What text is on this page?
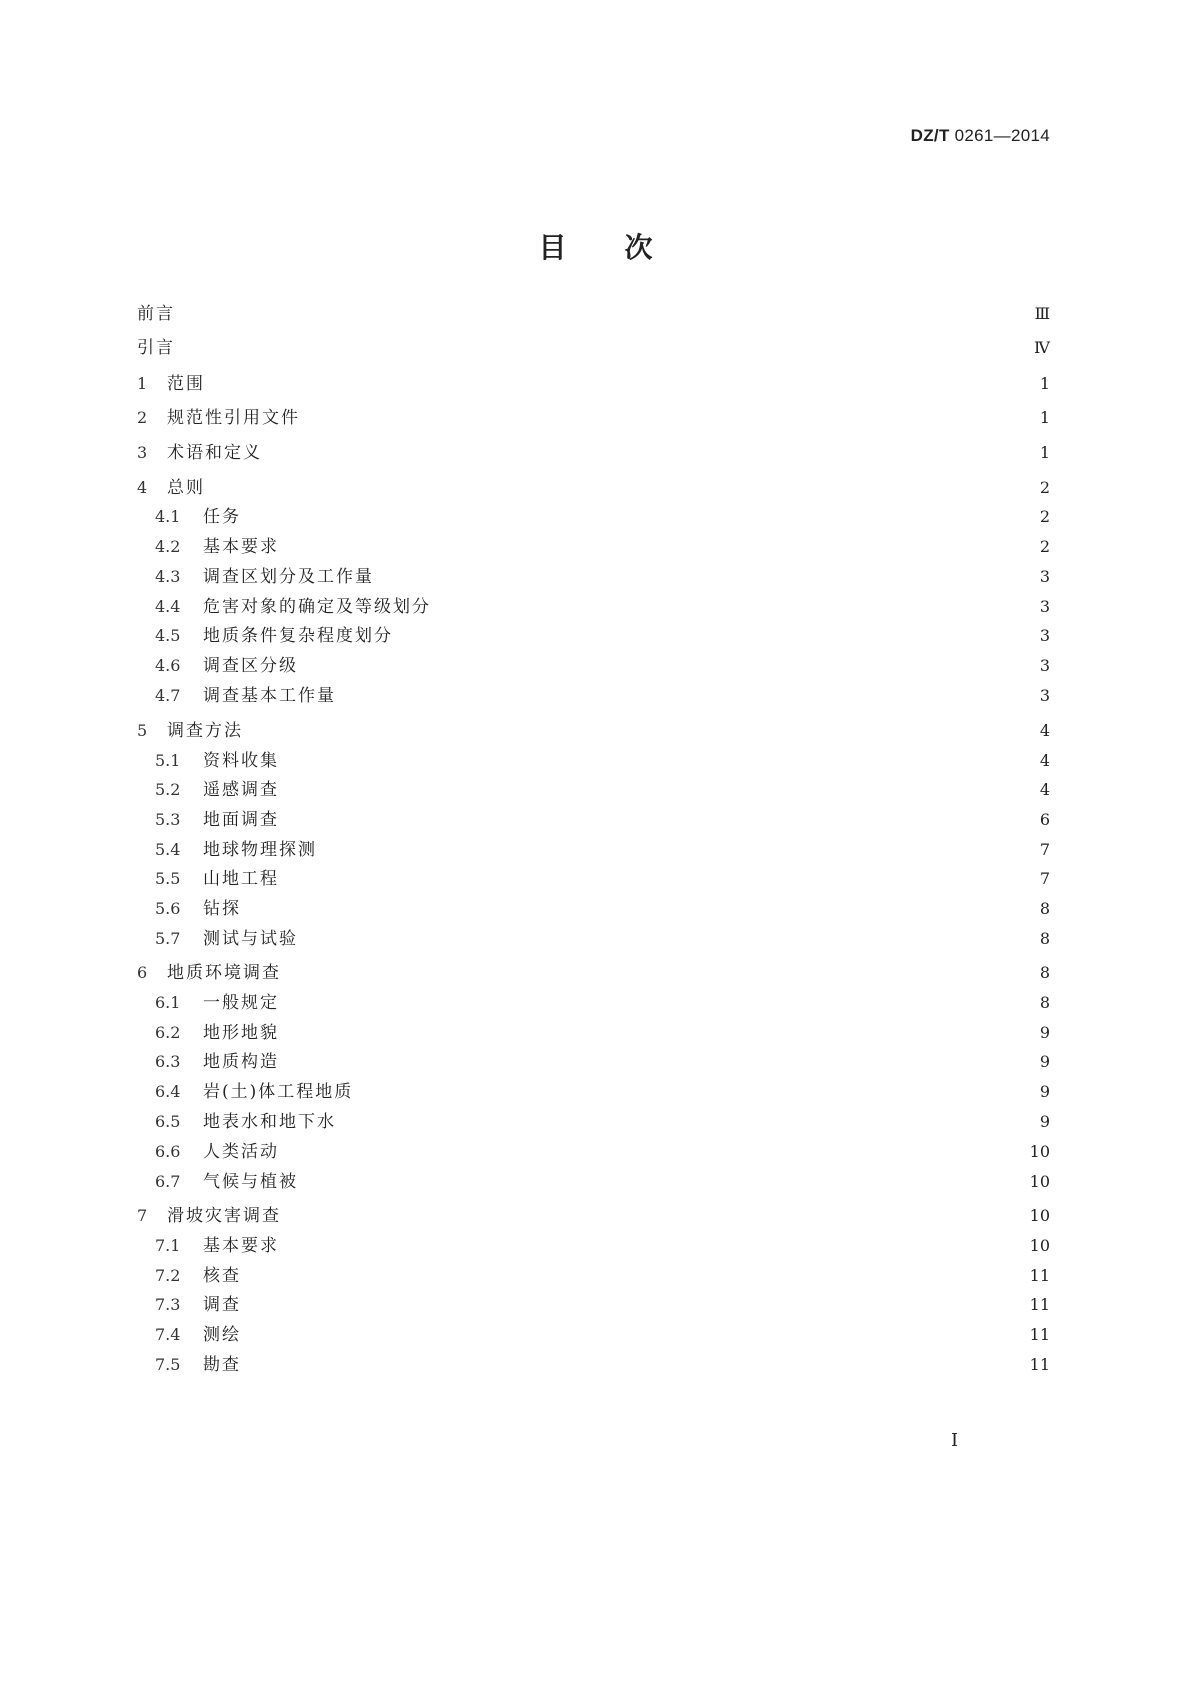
DZ/T 0261—2014
目 次
前言	Ⅲ
引言	Ⅳ
1	范围	1
2	规范性引用文件	1
3	术语和定义	1
4	总则	2
4.1	任务	2
4.2	基本要求	2
4.3	调查区划分及工作量	3
4.4	危害对象的确定及等级划分	3
4.5	地质条件复杂程度划分	3
4.6	调查区分级	3
4.7	调查基本工作量	3
5	调查方法	4
5.1	资料收集	4
5.2	遥感调查	4
5.3	地面调查	6
5.4	地球物理探测	7
5.5	山地工程	7
5.6	钻探	8
5.7	测试与试验	8
6	地质环境调查	8
6.1	一般规定	8
6.2	地形地貌	9
6.3	地质构造	9
6.4	岩(土)体工程地质	9
6.5	地表水和地下水	9
6.6	人类活动	10
6.7	气候与植被	10
7	滑坡灾害调查	10
7.1	基本要求	10
7.2	核查	11
7.3	调查	11
7.4	测绘	11
7.5	勘查	11
I
